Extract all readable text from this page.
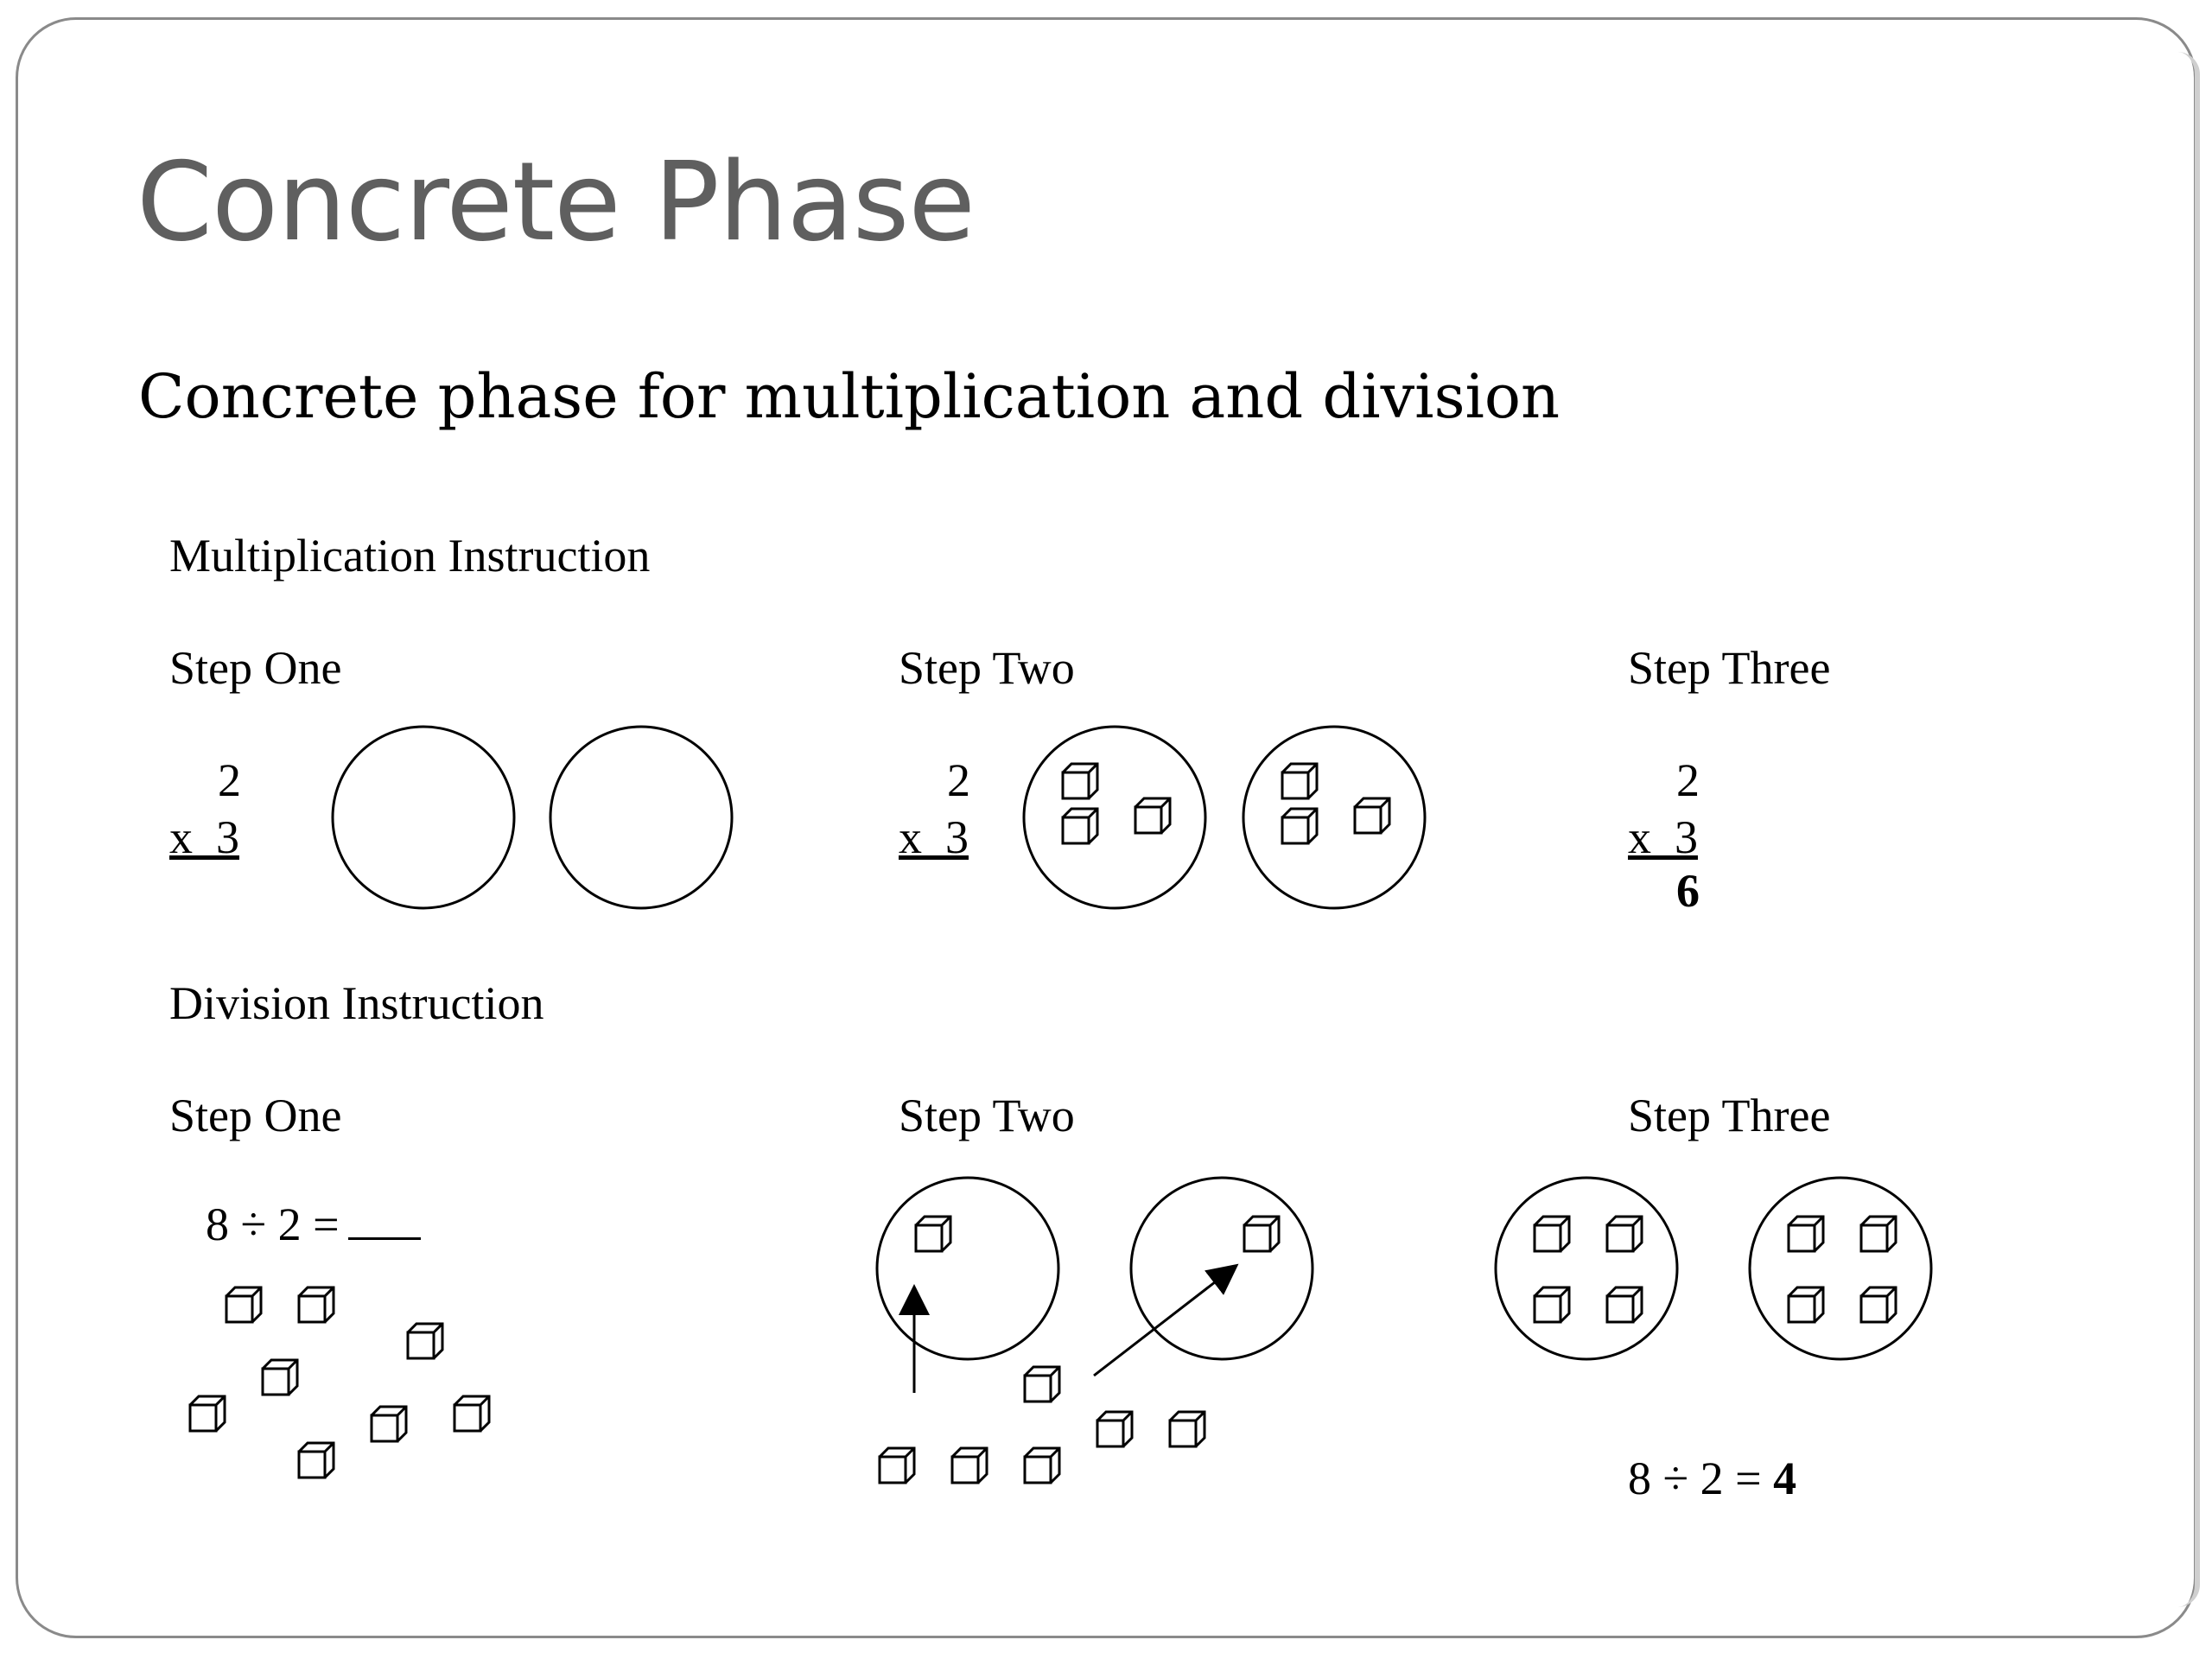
Concrete Phase
Concrete phase for multiplication and division
Multiplication Instruction
Step One	Step Two	Step Three
2
x  3
2
x  3
2
x  3
6
Division Instruction
Step One	Step Two	Step Three
8 ÷ 2 =
8 ÷ 2 = 4
